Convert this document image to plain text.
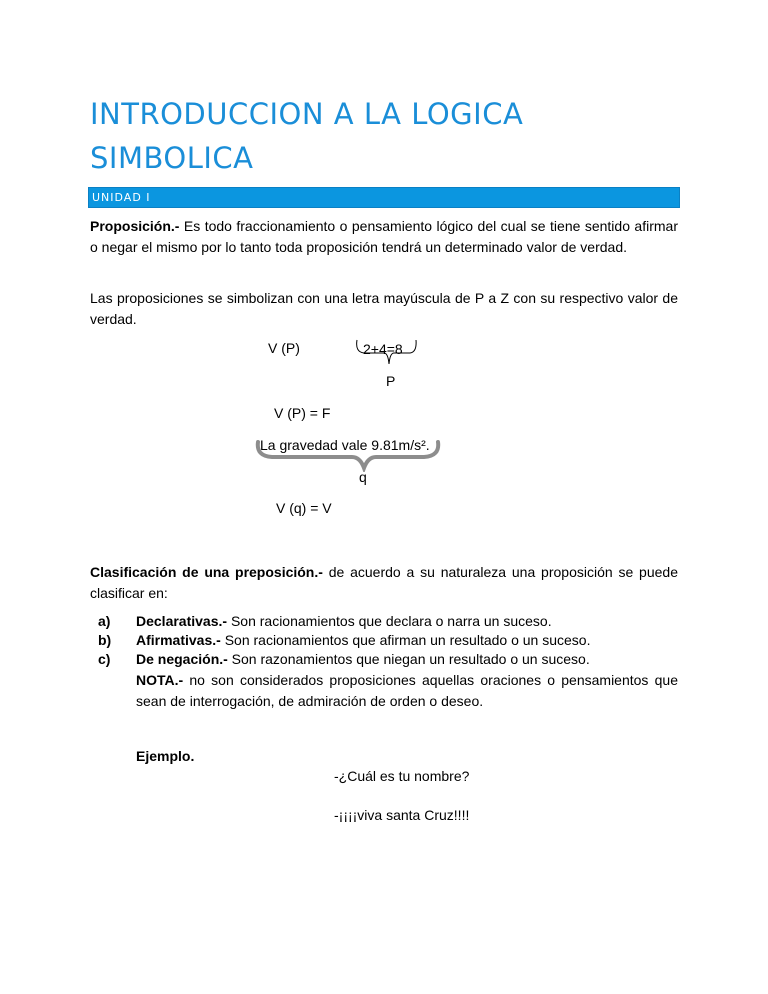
INTRODUCCION A LA LOGICA
SIMBOLICA
UNIDAD I

Proposición.- Es todo fraccionamiento o pensamiento lógico del cual se tiene sentido afirmar o negar el mismo por lo tanto toda proposición tendrá un determinado valor de verdad.

Las proposiciones se simbolizan con una letra mayúscula de P a Z con su respectivo valor de verdad.

V (P)	2+4=8
P
V (P) = F
La gravedad vale 9.81m/s².
q
V (q) = V

Clasificación de una preposición.- de acuerdo a su naturaleza una proposición se puede clasificar en:

a) Declarativas.- Son racionamientos que declara o narra un suceso.
b) Afirmativas.- Son racionamientos que afirman un resultado o un suceso.
c) De negación.- Son razonamientos que niegan un resultado o un suceso.

NOTA.- no son considerados proposiciones aquellas oraciones o pensamientos que sean de interrogación, de admiración de orden o deseo.

Ejemplo.
-¿Cuál es tu nombre?
-¡¡¡¡viva santa Cruz!!!!
